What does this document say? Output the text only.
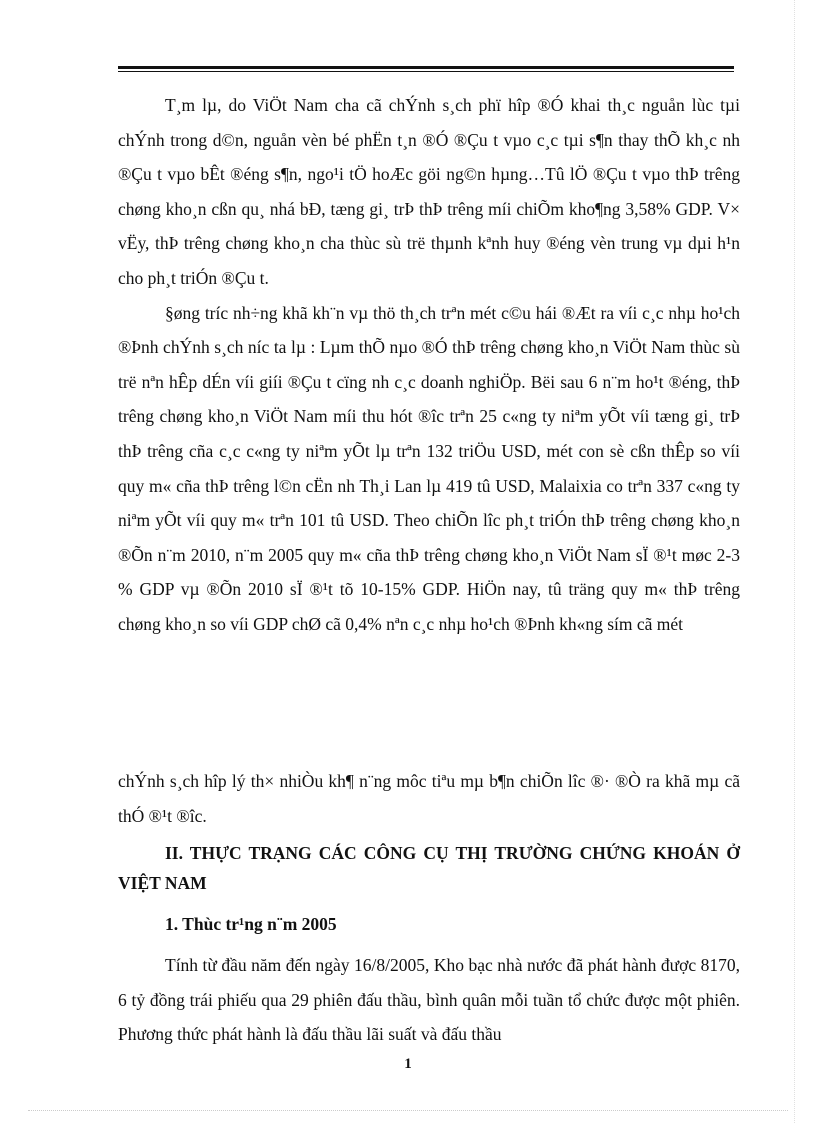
T¸m lµ, do ViÖt Nam cha cã chÝnh s¸ch phï hîp ®Ó khai th¸c nguån lùc tµi chÝnh trong d©n, nguån vèn bé phËn t¸n ®Ó ®Çu t vµo c¸c tµi s¶n thay thÕ kh¸c nh ®Çu t vµo bÊt ®éng s¶n, ngo¹i tÖ hoÆc göi ng©n hµng…Tû lÖ ®Çu t vµo thÞ trêng chøng kho¸n cßn qu¸ nhá bÐ, tæng gi¸ trÞ thÞ trêng míi chiÕm kho¶ng 3,58% GDP. V× vËy, thÞ trêng chøng kho¸n cha thùc sù trë thµnh kªnh huy ®éng vèn trung vµ dµi h¹n cho ph¸t triÓn ®Çu t.

§øng tríc nh÷ng khã kh¨n vµ thö th¸ch trªn mét c©u hái ®Æt ra víi c¸c nhµ ho¹ch ®Þnh chÝnh s¸ch níc ta lµ : Lµm thÕ nµo ®Ó thÞ trêng chøng kho¸n ViÖt Nam thùc sù trë nªn hÊp dÉn víi giíi ®Çu t cïng nh c¸c doanh nghiÖp. Bëi sau 6 n¨m ho¹t ®éng, thÞ trêng chøng kho¸n ViÖt Nam míi thu hót ®îc trªn 25 c«ng ty niªm yÕt víi tæng gi¸ trÞ thÞ trêng cña c¸c c«ng ty niªm yÕt lµ trªn 132 triÖu USD, mét con sè cßn thÊp so víi quy m« cña thÞ trêng l©n cËn nh Th¸i Lan lµ 419 tû USD, Malaixia co trªn 337 c«ng ty niªm yÕt víi quy m« trªn 101 tû USD. Theo chiÕn lîc ph¸t triÓn thÞ trêng chøng kho¸n ®Õn n¨m 2010, n¨m 2005 quy m« cña thÞ trêng chøng kho¸n ViÖt Nam sÏ ®¹t møc 2-3 % GDP vµ ®Õn 2010 sÏ ®¹t tõ 10-15% GDP. HiÖn nay, tû träng quy m« thÞ trêng chøng kho¸n so víi GDP chØ cã 0,4% nªn c¸c nhµ ho¹ch ®Þnh kh«ng sím cã mét

chÝnh s¸ch hîp lý th× nhiÒu kh¶ n¨ng môc tiªu mµ b¶n chiÕn lîc ®· ®Ò ra khã mµ cã thÓ ®¹t ®îc.

II. THỰC TRẠNG CÁC CÔNG CỤ THỊ TRƯỜNG CHỨNG KHOÁN Ở VIỆT NAM
1. Thùc tr¹ng n¨m 2005

Tính từ đầu năm đến ngày 16/8/2005, Kho bạc nhà nước đã phát hành được 8170, 6 tỷ đồng trái phiếu qua 29 phiên đấu thầu, bình quân mỗi tuần tổ chức được một phiên. Phương thức phát hành là đấu thầu lãi suất và đấu thầu

1
